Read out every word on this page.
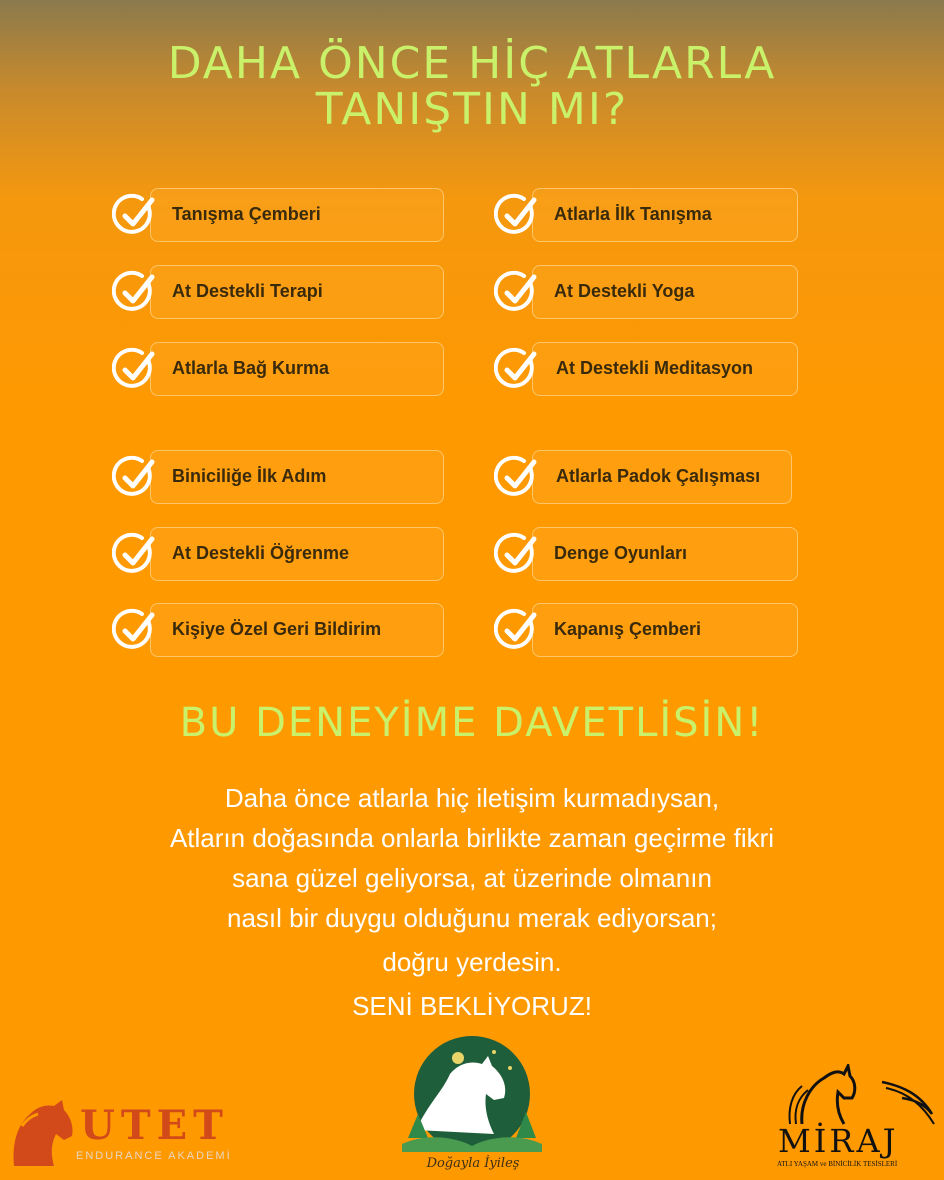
DAHA ÖNCE HİÇ ATLARLA
TANIŞTIN MI?
Tanışma Çemberi
At Destekli Terapi
Atlarla Bağ Kurma
Biniciliğe İlk Adım
At Destekli Öğrenme
Kişiye Özel Geri Bildirim
Atlarla İlk Tanışma
At Destekli Yoga
At Destekli Meditasyon
Atlarla Padok Çalışması
Denge Oyunları
Kapanış Çemberi
BU DENEYİME DAVETLİSİN!
Daha önce atlarla hiç iletişim kurmadıysan,
Atların doğasında onlarla birlikte zaman geçirme fikri
sana güzel geliyorsa, at üzerinde olmanın
nasıl bir duygu olduğunu merak ediyorsan;
doğru yerdesin.
SENİ BEKLİYORUZ!
UTET
ENDURANCE AKADEMİ	Doğayla İyileş
MİRAJ
ATLI YAŞAM ve BİNİCİLİK TESİSLERİ
